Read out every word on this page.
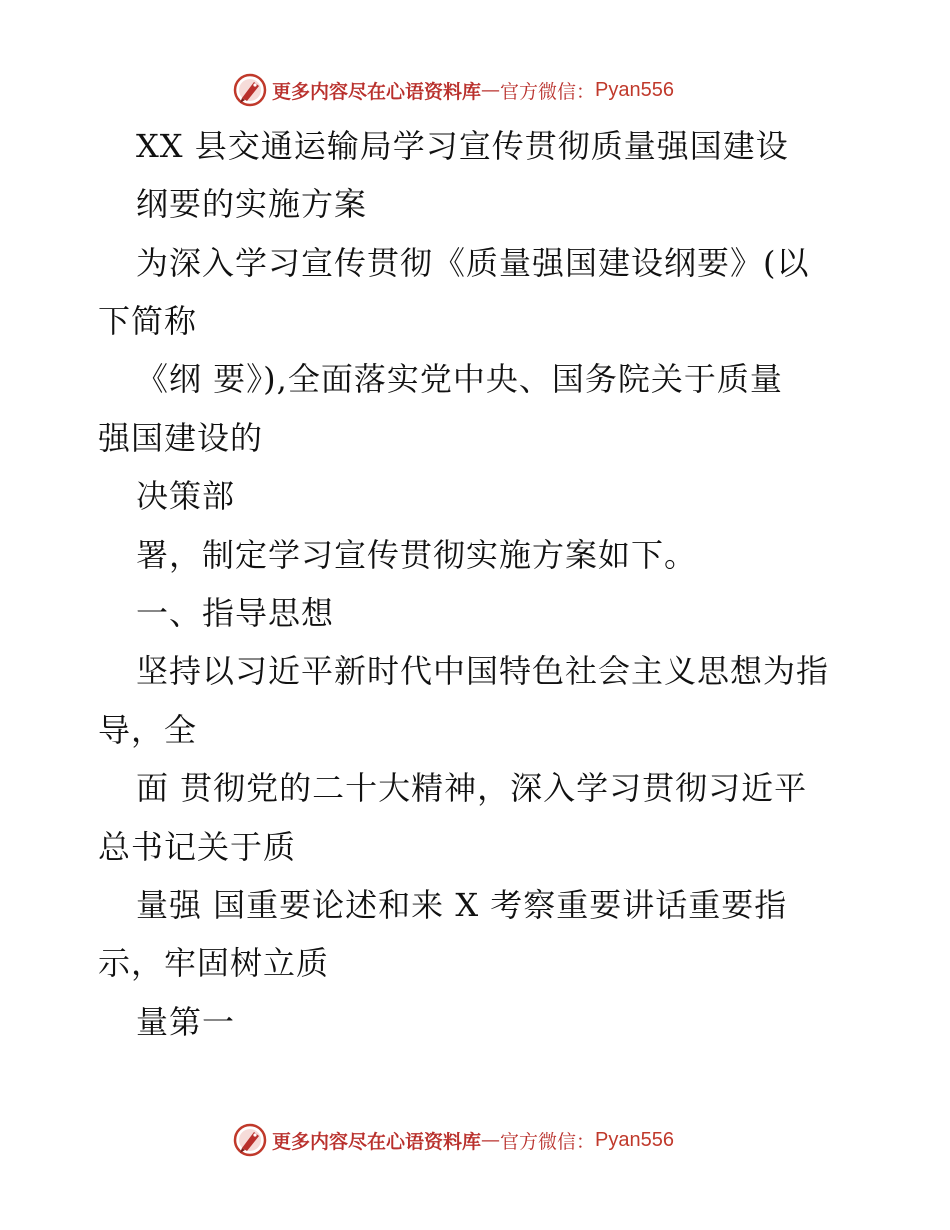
更多内容尽在心语资料库 — 官方微信： Pyan556
XX 县交通运输局学习宣传贯彻质量强国建设
纲要的实施方案
为深入学习宣传贯彻《质量强国建设纲要》(以
下简称
《纲 要》),全面落实党中央、国务院关于质量
强国建设的
决策部
署，制定学习宣传贯彻实施方案如下。
一、指导思想
坚持以习近平新时代中国特色社会主义思想为指
导，全
面 贯彻党的二十大精神，深入学习贯彻习近平
总书记关于质
量强 国重要论述和来 X 考察重要讲话重要指
示，牢固树立质
量第一
更多内容尽在心语资料库 — 官方微信： Pyan556
